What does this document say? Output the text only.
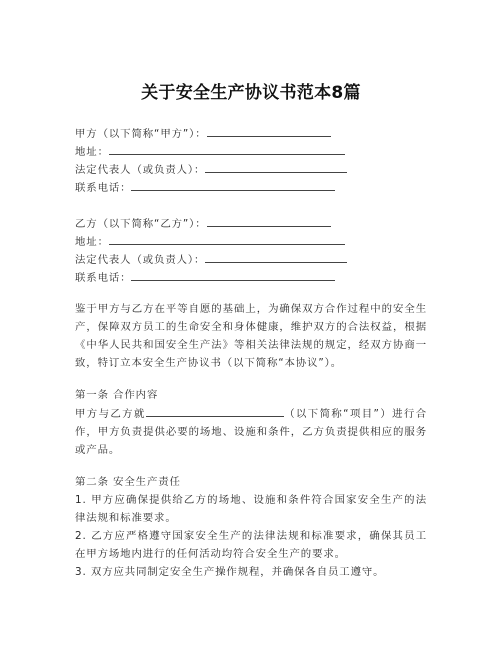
关于安全生产协议书范本8篇
甲方（以下简称“甲方”）：
地址：
法定代表人（或负责人）：
联系电话：
乙方（以下简称“乙方”）：
地址：
法定代表人（或负责人）：
联系电话：
鉴于甲方与乙方在平等自愿的基础上，为确保双方合作过程中的安全生产，保障双方员工的生命安全和身体健康，维护双方的合法权益，根据《中华人民共和国安全生产法》等相关法律法规的规定，经双方协商一致，特订立本安全生产协议书（以下简称“本协议”）。
第一条 合作内容
甲方与乙方就	（以下简称“项目”）进行合作，甲方负责提供必要的场地、设施和条件，乙方负责提供相应的服务或产品。
第二条 安全生产责任
1. 甲方应确保提供给乙方的场地、设施和条件符合国家安全生产的法律法规和标准要求。
2. 乙方应严格遵守国家安全生产的法律法规和标准要求，确保其员工在甲方场地内进行的任何活动均符合安全生产的要求。
3. 双方应共同制定安全生产操作规程，并确保各自员工遵守。
